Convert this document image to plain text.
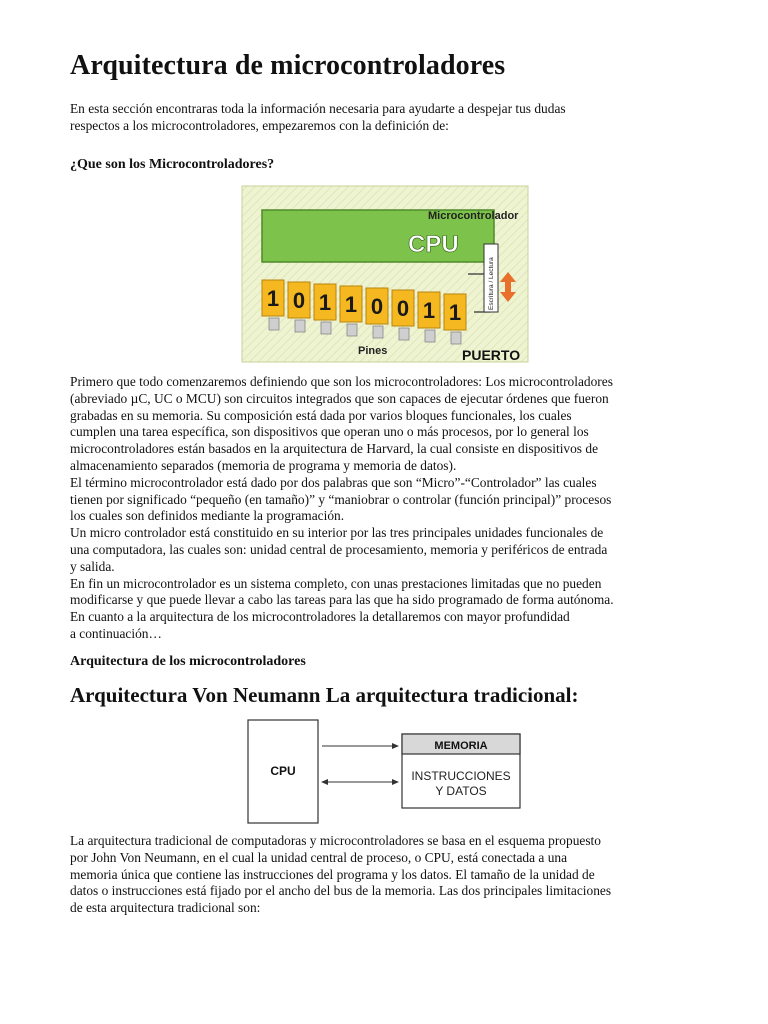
Arquitectura de microcontroladores

En esta sección encontraras toda la información necesaria para ayudarte a despejar tus dudas
respectos a los microcontroladores, empezaremos con la definición de:

¿Que son los Microcontroladores?
Microcontrolador
CPU
Escritura / Lectura
1 0 1 1 0 0 1 1
Pines	PUERTO

Primero que todo comenzaremos definiendo que son los microcontroladores: Los microcontroladores
(abreviado µC, UC o MCU) son circuitos integrados que son capaces de ejecutar órdenes que fueron
grabadas en su memoria. Su composición está dada por varios bloques funcionales, los cuales
cumplen una tarea específica, son dispositivos que operan uno o más procesos, por lo general los
microcontroladores están basados en la arquitectura de Harvard, la cual consiste en dispositivos de
almacenamiento separados (memoria de programa y memoria de datos).
El término microcontrolador está dado por dos palabras que son “Micro”-“Controlador” las cuales
tienen por significado “pequeño (en tamaño)” y “maniobrar o controlar (función principal)” procesos
los cuales son definidos mediante la programación.
Un micro controlador está constituido en su interior por las tres principales unidades funcionales de
una computadora, las cuales son: unidad central de procesamiento, memoria y periféricos de entrada
y salida.
En fin un microcontrolador es un sistema completo, con unas prestaciones limitadas que no pueden
modificarse y que puede llevar a cabo las tareas para las que ha sido programado de forma autónoma.
En cuanto a la arquitectura de los microcontroladores la detallaremos con mayor profundidad
a continuación…

Arquitectura de los microcontroladores
Arquitectura Von Neumann La arquitectura tradicional:
CPU
MEMORIA
INSTRUCCIONES
Y DATOS

La arquitectura tradicional de computadoras y microcontroladores se basa en el esquema propuesto
por John Von Neumann, en el cual la unidad central de proceso, o CPU, está conectada a una
memoria única que contiene las instrucciones del programa y los datos. El tamaño de la unidad de
datos o instrucciones está fijado por el ancho del bus de la memoria. Las dos principales limitaciones
de esta arquitectura tradicional son:
